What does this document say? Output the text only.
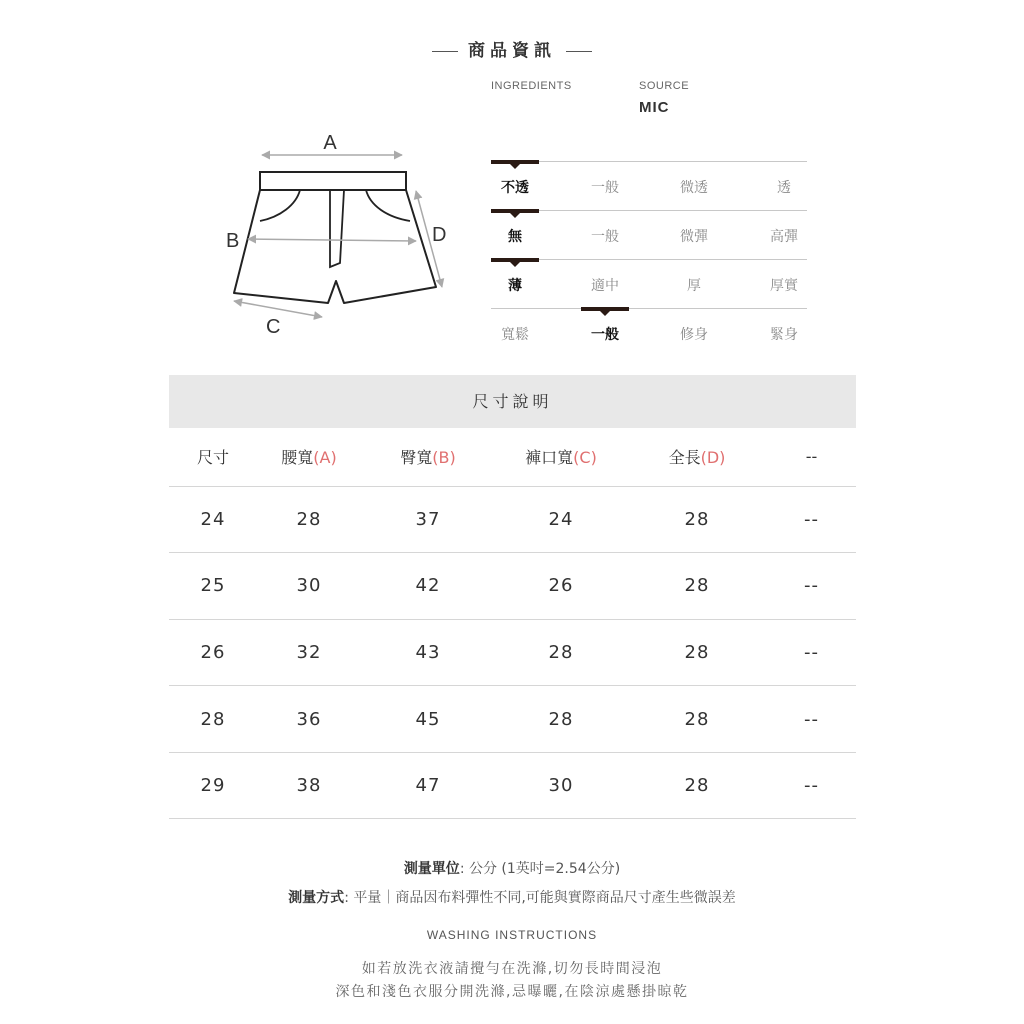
商品資訊
INGREDIENTS	SOURCE
MIC
A
B	D
C
不透	一般	微透	透
無	一般	微彈	高彈
薄	適中	厚	厚實
寬鬆	一般	修身	緊身
尺寸說明
尺寸	腰寬(A)	臀寬(B)	褲口寬(C)	全長(D)	--
24	28	37	24	28	--
25	30	42	26	28	--
26	32	43	28	28	--
28	36	45	28	28	--
29	38	47	30	28	--
測量單位: 公分 (1英吋=2.54公分)
測量方式: 平量｜商品因布料彈性不同,可能與實際商品尺寸產生些微誤差
WASHING INSTRUCTIONS
如若放洗衣液請攪勻在洗滌,切勿長時間浸泡
深色和淺色衣服分開洗滌,忌曝曬,在陰涼處懸掛晾乾
